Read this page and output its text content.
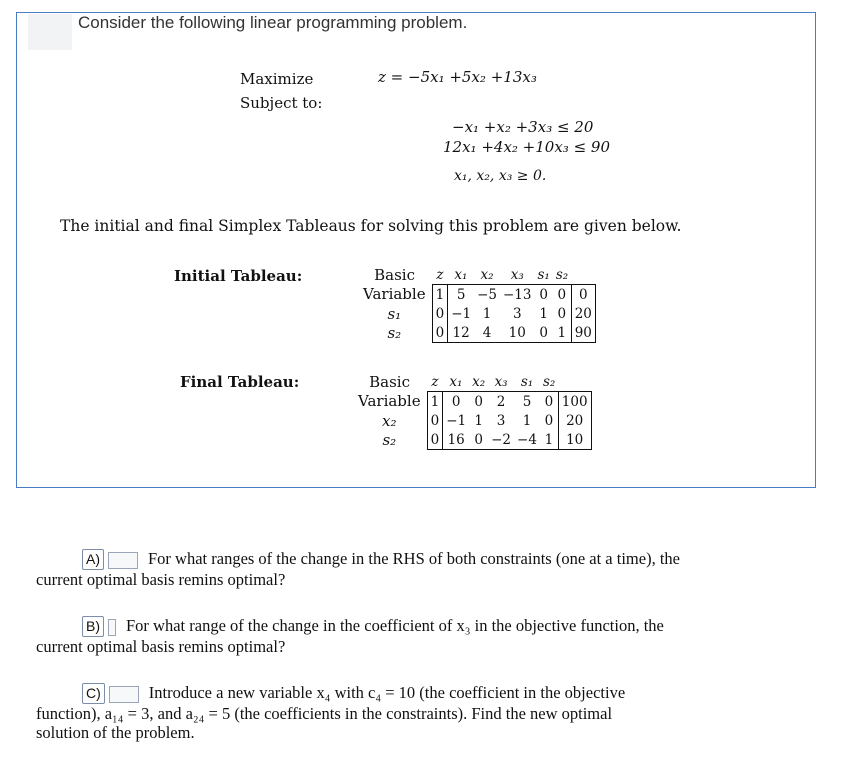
Consider the following linear programming problem.
Maximize
Subject to:
z = −5x₁ +5x₂ +13x₃
−x₁ +x₂ +3x₃ ≤ 20
12x₁ +4x₂ +10x₃ ≤ 90
x₁, x₂, x₃ ≥ 0.
The initial and final Simplex Tableaus for solving this problem are given below.
Initial Tableau:	Basic	z	x₁	x₂	x₃	s₁	s₂	
Variable	1	5	−5	−13	0	0	0
s₁	0	−1	1	3	1	0	20
s₂	0	12	4	10	0	1	90
Final Tableau:	Basic	z	x₁	x₂	x₃	s₁	s₂	
Variable	1	0	0	2	5	0	100
x₂	0	−1	1	3	1	0	20
s₂	0	16	0	−2	−4	1	10
A)	For what ranges of the change in the RHS of both constraints (one at a time), the
current optimal basis remins optimal?
B) For what range of the change in the coefficient of x₃ in the objective function, the
current optimal basis remins optimal?
C)	Introduce a new variable x₄ with c₄ = 10 (the coefficient in the objective
function), a₁₄ = 3, and a₂₄ = 5 (the coefficients in the constraints). Find the new optimal
solution of the problem.
